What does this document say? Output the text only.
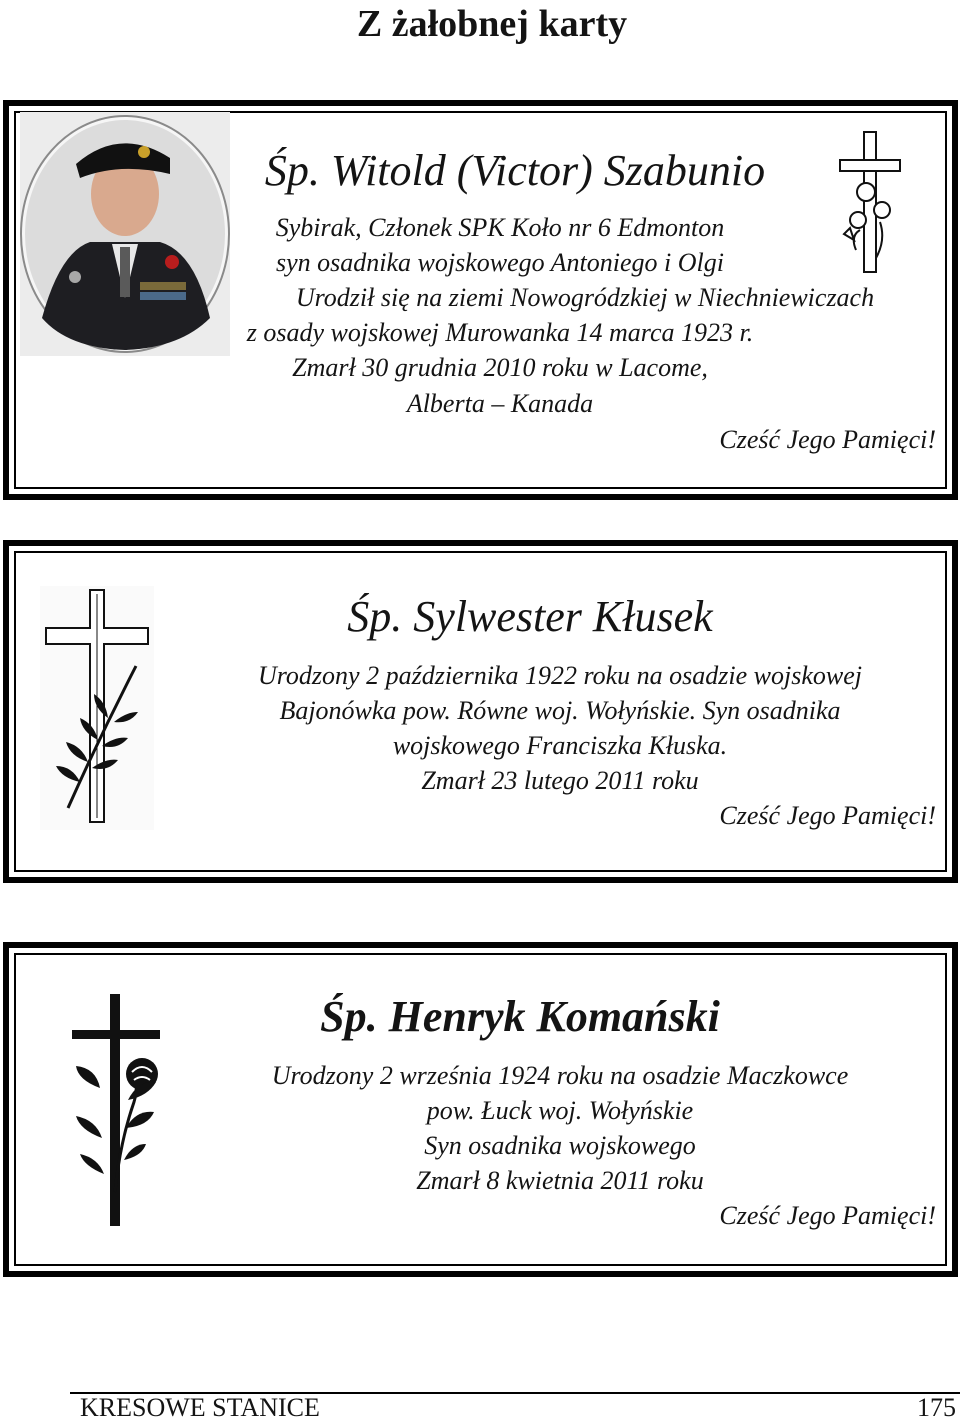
Z żałobnej karty
Śp. Witold (Victor) Szabunio
Sybirak, Członek SPK Koło nr 6 Edmonton
syn osadnika wojskowego Antoniego i Olgi
Urodził się na ziemi Nowogródzkiej w Niechniewiczach
z osady wojskowej Murowanka 14 marca 1923 r.
Zmarł 30 grudnia 2010 roku w Lacome,
Alberta – Kanada
Cześć Jego Pamięci!
Śp. Sylwester Kłusek
Urodzony 2 października 1922 roku na osadzie wojskowej
Bajonówka pow. Równe woj. Wołyńskie. Syn osadnika
wojskowego Franciszka Kłuska.
Zmarł 23 lutego 2011 roku
Cześć Jego Pamięci!
Śp. Henryk Komański
Urodzony 2 września 1924 roku na osadzie Maczkowce
pow. Łuck woj. Wołyńskie
Syn osadnika wojskowego
Zmarł 8 kwietnia 2011 roku
Cześć Jego Pamięci!
KRESOWE STANICE	175
